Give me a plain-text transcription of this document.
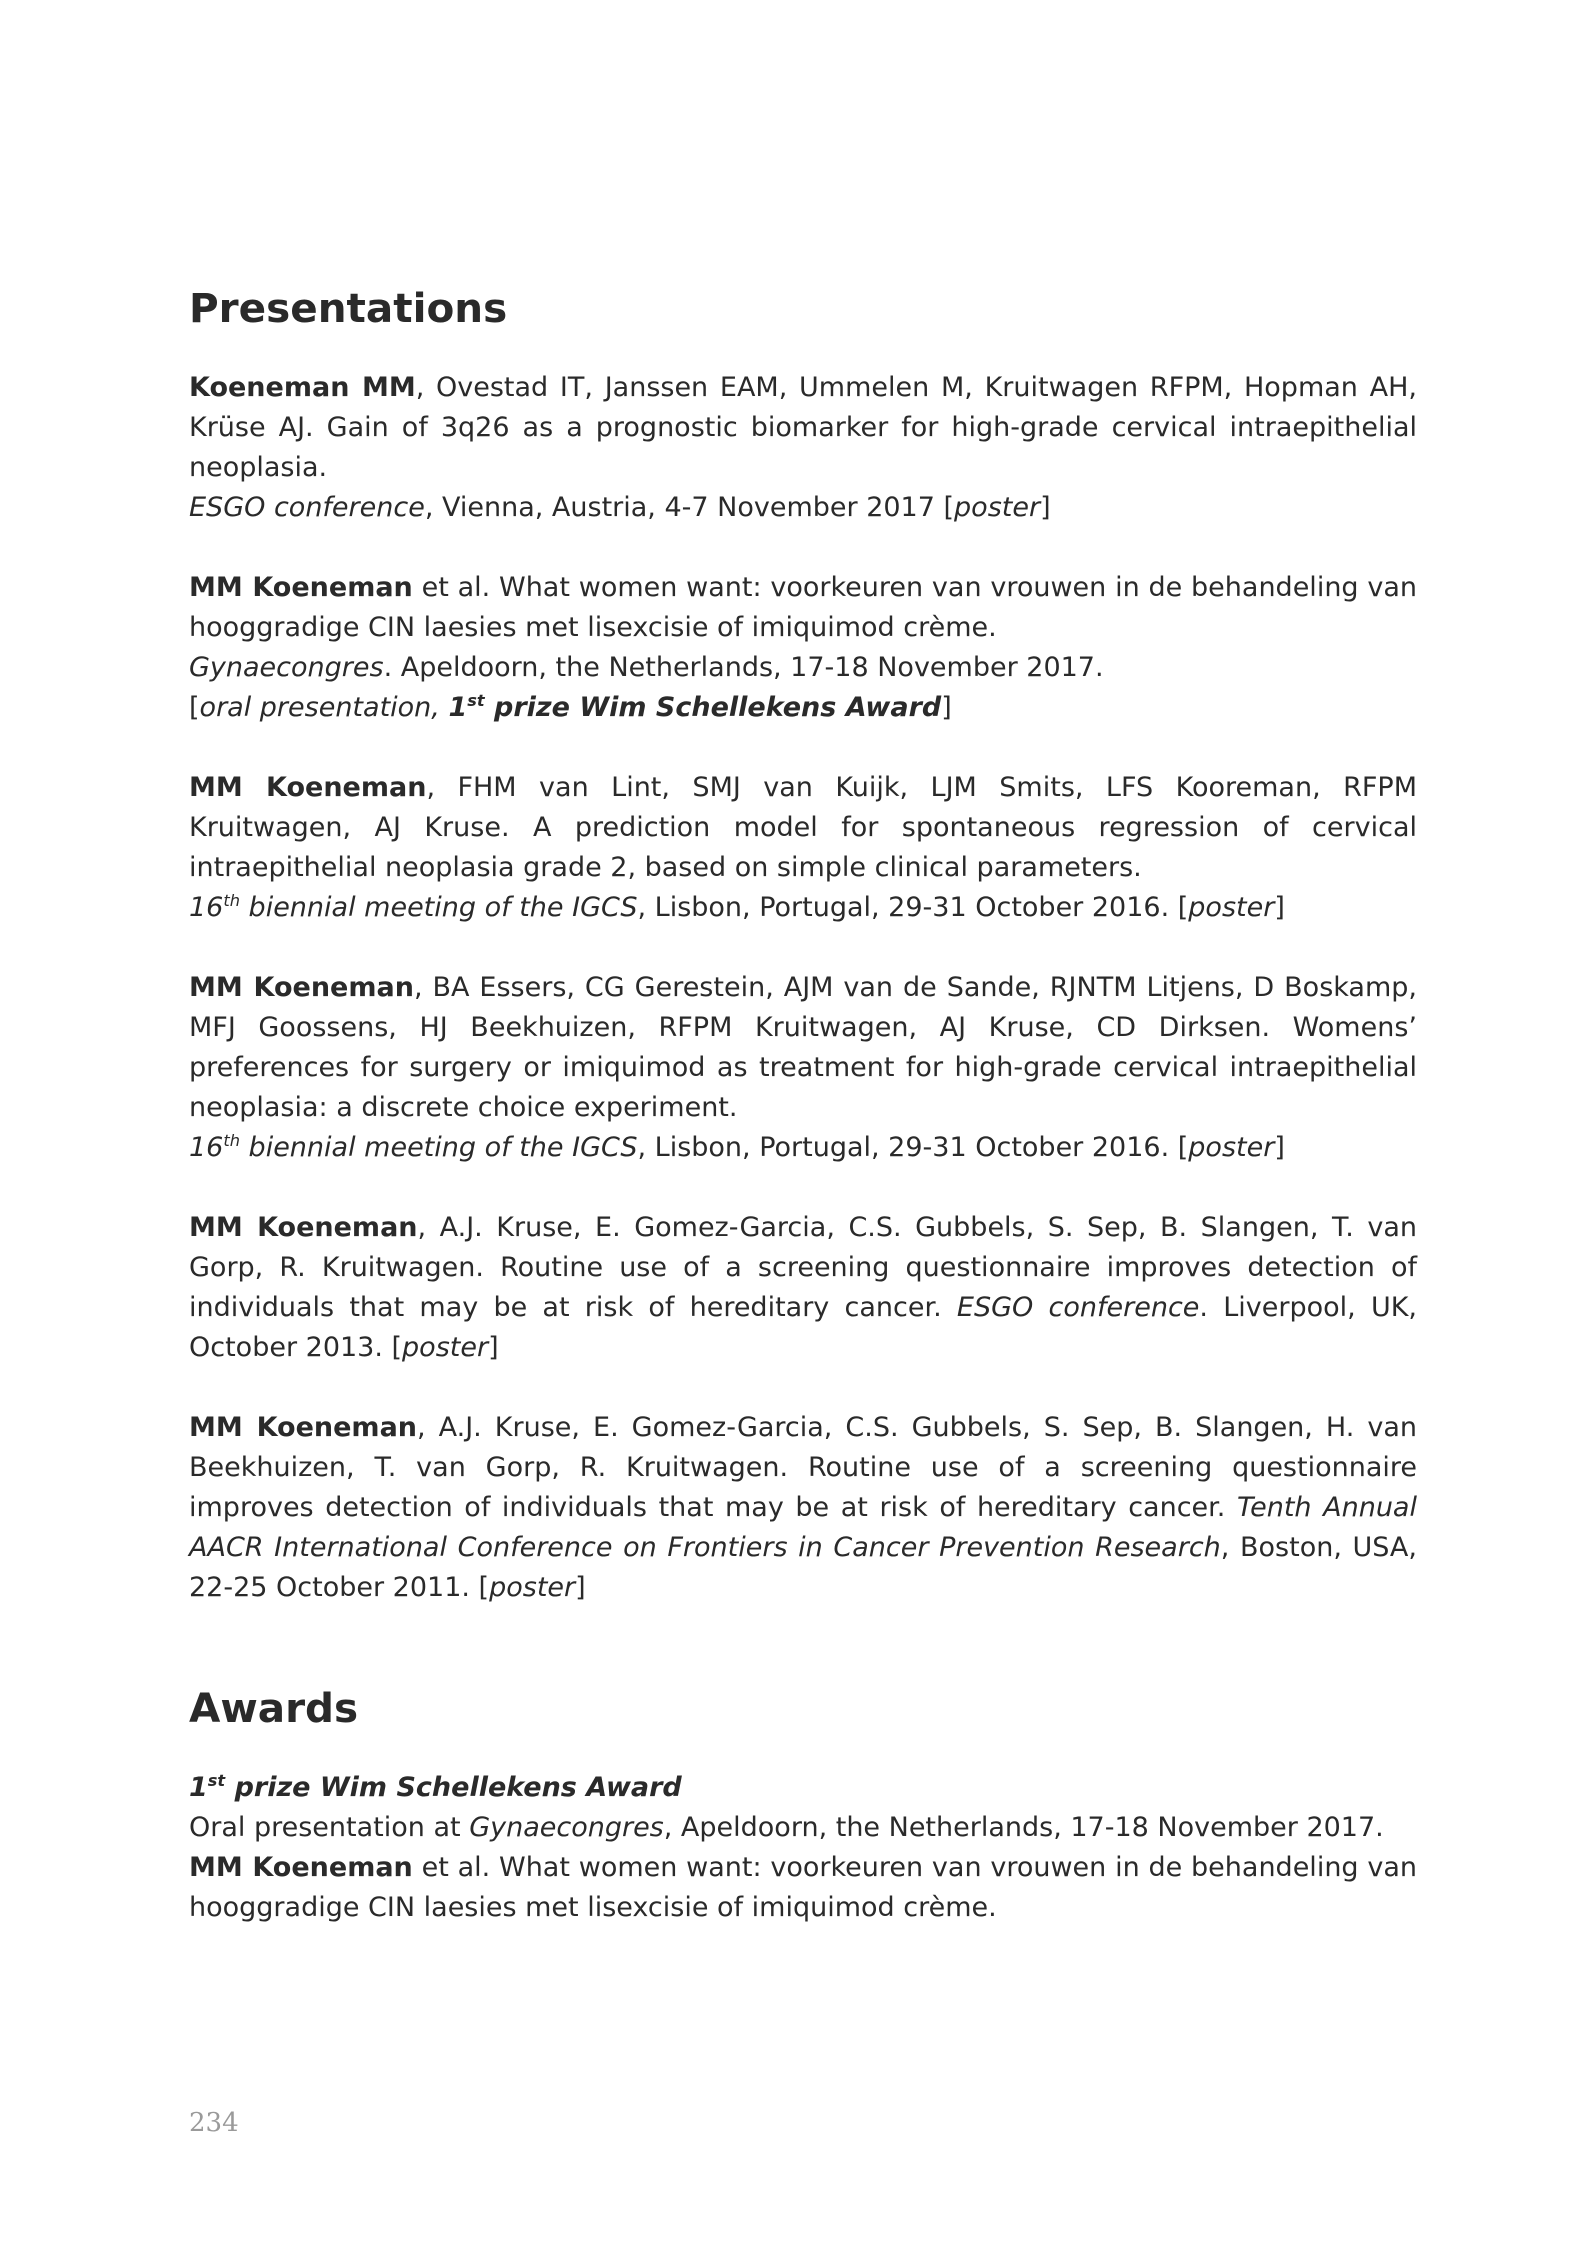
Presentations

Koeneman MM, Ovestad IT, Janssen EAM, Ummelen M, Kruitwagen RFPM, Hopman AH, Krüse AJ. Gain of 3q26 as a prognostic biomarker for high-grade cervical intraepithelial neoplasia.

ESGO conference, Vienna, Austria, 4-7 November 2017 [poster]

MM Koeneman et al. What women want: voorkeuren van vrouwen in de behandeling van hooggradige CIN laesies met lisexcisie of imiquimod crème.

Gynaecongres. Apeldoorn, the Netherlands, 17-18 November 2017.

[oral presentation, 1st prize Wim Schellekens Award]

MM Koeneman, FHM van Lint, SMJ van Kuijk, LJM Smits, LFS Kooreman, RFPM Kruitwagen, AJ Kruse. A prediction model for spontaneous regression of cervical intraepithelial neoplasia grade 2, based on simple clinical parameters.

16th biennial meeting of the IGCS, Lisbon, Portugal, 29-31 October 2016. [poster]

MM Koeneman, BA Essers, CG Gerestein, AJM van de Sande, RJNTM Litjens, D Boskamp, MFJ Goossens, HJ Beekhuizen, RFPM Kruitwagen, AJ Kruse, CD Dirksen. Womens’ preferences for surgery or imiquimod as treatment for high-grade cervical intraepithelial neoplasia: a discrete choice experiment.

16th biennial meeting of the IGCS, Lisbon, Portugal, 29-31 October 2016. [poster]

MM Koeneman, A.J. Kruse, E. Gomez-Garcia, C.S. Gubbels, S. Sep, B. Slangen, T. van Gorp, R. Kruitwagen. Routine use of a screening questionnaire improves detection of individuals that may be at risk of hereditary cancer. ESGO conference. Liverpool, UK, October 2013. [poster]

MM Koeneman, A.J. Kruse, E. Gomez-Garcia, C.S. Gubbels, S. Sep, B. Slangen, H. van Beekhuizen, T. van Gorp, R. Kruitwagen. Routine use of a screening questionnaire improves detection of individuals that may be at risk of hereditary cancer. Tenth Annual AACR International Conference on Frontiers in Cancer Prevention Research, Boston, USA, 22-25 October 2011. [poster]

Awards

1st prize Wim Schellekens Award

Oral presentation at Gynaecongres, Apeldoorn, the Netherlands, 17-18 November 2017.

MM Koeneman et al. What women want: voorkeuren van vrouwen in de behandeling van hooggradige CIN laesies met lisexcisie of imiquimod crème.

234
